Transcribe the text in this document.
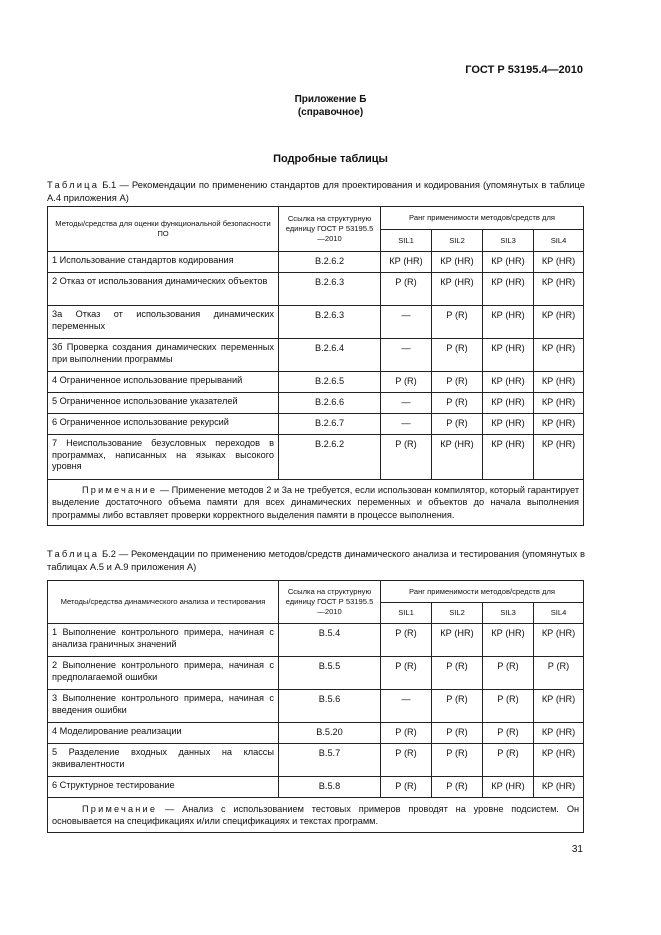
ГОСТ Р 53195.4—2010
Приложение Б
(справочное)
Подробные таблицы
Таблица Б.1 — Рекомендации по применению стандартов для проектирования и кодирования (упомянутых в таблице А.4 приложения А)
Методы/средства для оценки функциональной безопасности ПО	Ссылка на структурную единицу ГОСТ Р 53195.5—2010	Ранг применимости методов/средств для			
		SIL1	SIL2	SIL3	SIL4
1 Использование стандартов кодирования	B.2.6.2	КР (HR)	КР (HR)	КР (HR)	КР (HR)
2 Отказ от использования динамических объектов	B.2.6.3	Р (R)	КР (HR)	КР (HR)	КР (HR)
3а Отказ от использования динамических переменных	B.2.6.3	—	Р (R)	КР (HR)	КР (HR)
3б Проверка создания динамических переменных при выполнении программы	B.2.6.4	—	Р (R)	КР (HR)	КР (HR)
4 Ограниченное использование прерываний	B.2.6.5	Р (R)	Р (R)	КР (HR)	КР (HR)
5 Ограниченное использование указателей	B.2.6.6	—	Р (R)	КР (HR)	КР (HR)
6 Ограниченное использование рекурсий	B.2.6.7	—	Р (R)	КР (HR)	КР (HR)
7 Неиспользование безусловных переходов в программах, написанных на языках высокого уровня	B.2.6.2	Р (R)	КР (HR)	КР (HR)	КР (HR)
Примечание — Применение методов 2 и 3а не требуется, если использован компилятор, который гарантирует выделение достаточного объема памяти для всех динамических переменных и объектов до начала выполнения программы либо вставляет проверки корректного выделения памяти в процессе выполнения.					
Таблица Б.2 — Рекомендации по применению методов/средств динамического анализа и тестирования (упомянутых в таблицах А.5 и А.9 приложения А)
Методы/средства динамического анализа и тестирования	Ссылка на структурную единицу ГОСТ Р 53195.5—2010	Ранг применимости методов/средств для			
		SIL1	SIL2	SIL3	SIL4
1 Выполнение контрольного примера, начиная с анализа граничных значений	B.5.4	Р (R)	КР (HR)	КР (HR)	КР (HR)
2 Выполнение контрольного примера, начиная с предполагаемой ошибки	B.5.5	Р (R)	Р (R)	Р (R)	Р (R)
3 Выполнение контрольного примера, начиная с введения ошибки	B.5.6	—	Р (R)	Р (R)	КР (HR)
4 Моделирование реализации	B.5.20	Р (R)	Р (R)	Р (R)	КР (HR)
5 Разделение входных данных на классы эквивалентности	B.5.7	Р (R)	Р (R)	Р (R)	КР (HR)
6 Структурное тестирование	B.5.8	Р (R)	Р (R)	КР (HR)	КР (HR)
Примечание — Анализ с использованием тестовых примеров проводят на уровне подсистем. Он основывается на спецификациях и/или спецификациях и текстах программ.					
31
